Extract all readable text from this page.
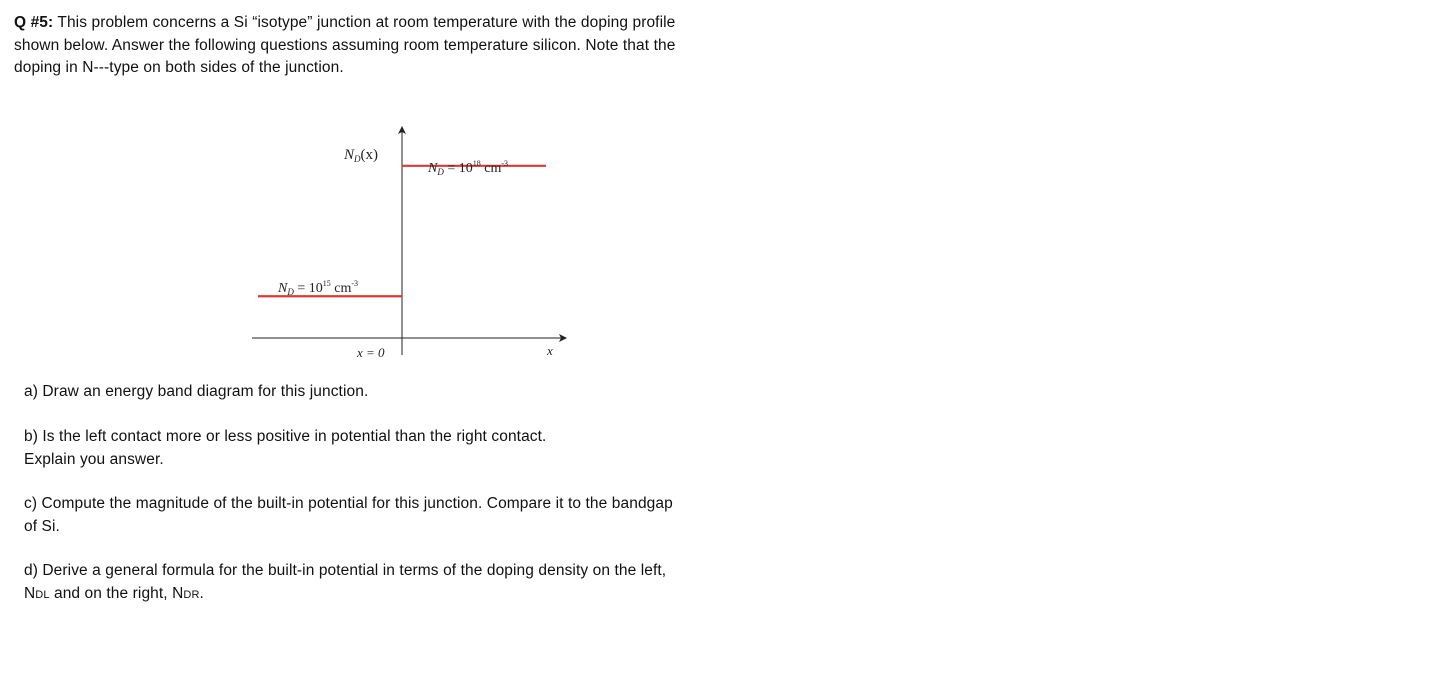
Q #5: This problem concerns a Si “isotype” junction at room temperature with the doping profile
shown below. Answer the following questions assuming room temperature silicon. Note that the
doping in N---type on both sides of the junction.
$N_D(x)$
$N_D = 10^{18}$ $cm^{-3}$
$N_D = 10^{15}$ $cm^{-3}$
x = 0	x
a) Draw an energy band diagram for this junction.
b) Is the left contact more or less positive in potential than the right contact.
Explain you answer.
c) Compute the magnitude of the built-in potential for this junction. Compare it to the bandgap
of Si.
d) Derive a general formula for the built-in potential in terms of the doping density on the left,
NDL and on the right, NDR.
